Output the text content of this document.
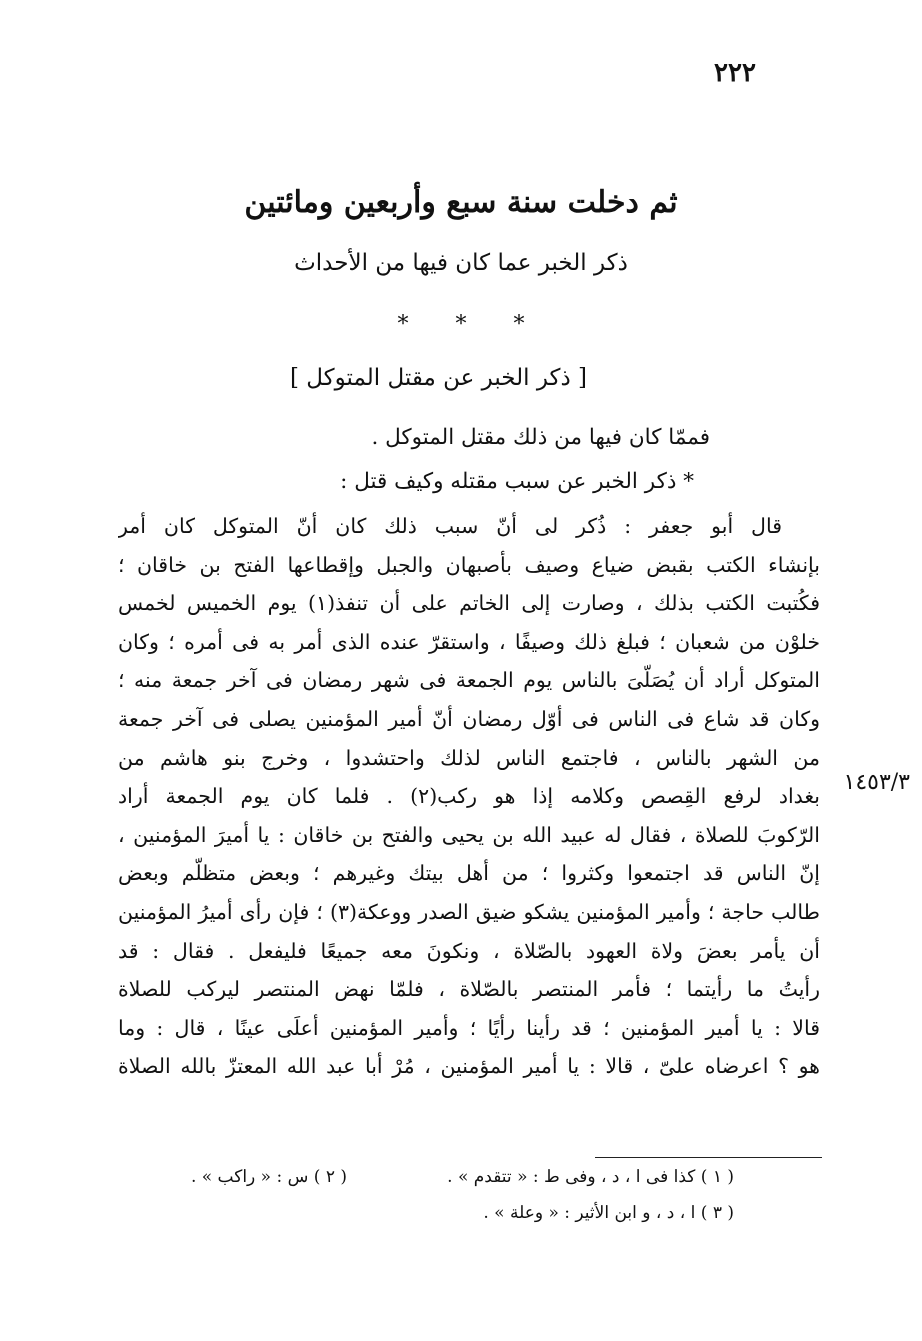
٢٢٢
ثم دخلت سنة سبع وأربعين ومائتين
ذكر الخبر عما كان فيها من الأحداث
* * *
[ ذكر الخبر عن مقتل المتوكل ]
فممّا كان فيها من ذلك مقتل المتوكل .
* ذكر الخبر عن سبب مقتله وكيف قتل :
قال أبو جعفر : ذُكر لى أنّ سبب ذلك كان أنّ المتوكل كان أمر
بإنشاء الكتب بقبض ضياع وصيف بأصبهان والجبل وإقطاعها الفتح بن خاقان ؛
فكُتبت الكتب بذلك ، وصارت إلى الخاتم على أن تنفذ(١) يوم الخميس لخمس
خلوْن من شعبان ؛ فبلغ ذلك وصيفًا ، واستقرّ عنده الذى أمر به فى أمره ؛ وكان
المتوكل أراد أن يُصَلّىَ بالناس يوم الجمعة فى شهر رمضان فى آخر جمعة منه ؛
وكان قد شاع فى الناس فى أوّل رمضان أنّ أمير المؤمنين يصلى فى آخر جمعة
من الشهر بالناس ، فاجتمع الناس لذلك واحتشدوا ، وخرج بنو هاشم من
بغداد لرفع القِصص وكلامه إذا هو ركب(٢) . فلما كان يوم الجمعة أراد
الرّكوبَ للصلاة ، فقال له عبيد الله بن يحيى والفتح بن خاقان : يا أميرَ المؤمنين ،
إنّ الناس قد اجتمعوا وكثروا ؛ من أهل بيتك وغيرهم ؛ وبعض متظلّم وبعض
طالب حاجة ؛ وأمير المؤمنين يشكو ضيق الصدر ووعكة(٣) ؛ فإن رأى أميرُ المؤمنين
أن يأمر بعضَ ولاة العهود بالصّلاة ، ونكونَ معه جميعًا فليفعل . فقال : قد
رأيتُ ما رأيتما ؛ فأمر المنتصر بالصّلاة ، فلمّا نهض المنتصر ليركب للصلاة
قالا : يا أمير المؤمنين ؛ قد رأينا رأيًا ؛ وأمير المؤمنين أعلَى عينًا ، قال : وما
هو ؟ اعرضاه علىّ ، قالا : يا أمير المؤمنين ، مُرْ أبا عبد الله المعتزّ بالله الصلاة
١٤٥٣/٣
( ١ ) كذا فى ا ، د ، وفى ط : « تتقدم » .
( ٢ ) س : « راكب » .
( ٣ ) ا ، د ، و ابن الأثير : « وعلة » .
